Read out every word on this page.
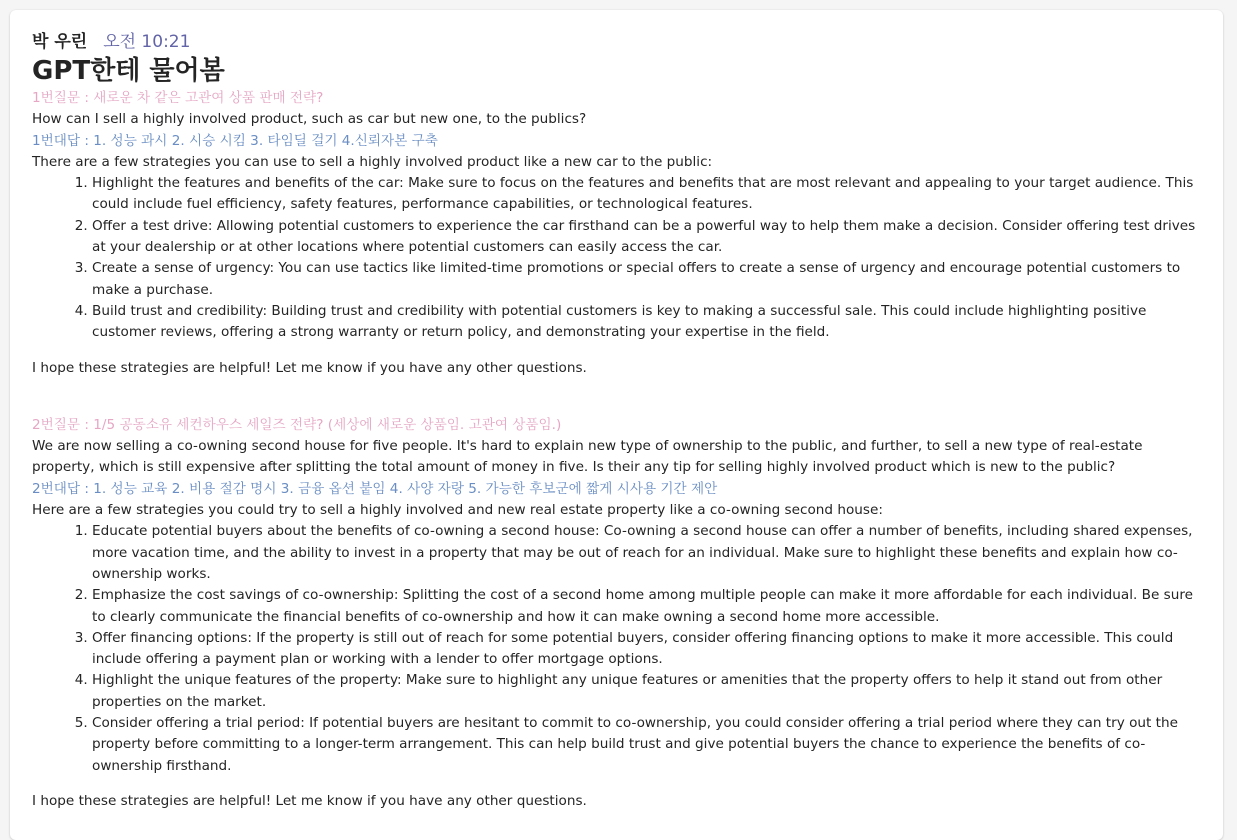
박 우린 오전 10:21
GPT한테 물어봄

1번질문 : 새로운 차 같은 고관여 상품 판매 전략?

How can I sell a highly involved product, such as car but new one, to the publics?

1번대답 : 1. 성능 과시 2. 시승 시킴 3. 타임딜 걸기 4.신뢰자본 구축

There are a few strategies you can use to sell a highly involved product like a new car to the public:

1. Highlight the features and benefits of the car: Make sure to focus on the features and benefits that are most relevant and appealing to your target audience. This could include fuel efficiency, safety features, performance capabilities, or technological features.
2. Offer a test drive: Allowing potential customers to experience the car firsthand can be a powerful way to help them make a decision. Consider offering test drives at your dealership or at other locations where potential customers can easily access the car.
3. Create a sense of urgency: You can use tactics like limited-time promotions or special offers to create a sense of urgency and encourage potential customers to make a purchase.
4. Build trust and credibility: Building trust and credibility with potential customers is key to making a successful sale. This could include highlighting positive customer reviews, offering a strong warranty or return policy, and demonstrating your expertise in the field.

I hope these strategies are helpful! Let me know if you have any other questions.

2번질문 : 1/5 공동소유 세컨하우스 세일즈 전략? (세상에 새로운 상품임. 고관여 상품임.)

We are now selling a co-owning second house for five people. It's hard to explain new type of ownership to the public, and further, to sell a new type of real-estate property, which is still expensive after splitting the total amount of money in five. Is their any tip for selling highly involved product which is new to the public?

2번대답 : 1. 성능 교육 2. 비용 절감 명시 3. 금융 옵션 붙임 4. 사양 자랑 5. 가능한 후보군에 짧게 시사용 기간 제안

Here are a few strategies you could try to sell a highly involved and new real estate property like a co-owning second house:

1. Educate potential buyers about the benefits of co-owning a second house: Co-owning a second house can offer a number of benefits, including shared expenses, more vacation time, and the ability to invest in a property that may be out of reach for an individual. Make sure to highlight these benefits and explain how co-ownership works.
2. Emphasize the cost savings of co-ownership: Splitting the cost of a second home among multiple people can make it more affordable for each individual. Be sure to clearly communicate the financial benefits of co-ownership and how it can make owning a second home more accessible.
3. Offer financing options: If the property is still out of reach for some potential buyers, consider offering financing options to make it more accessible. This could include offering a payment plan or working with a lender to offer mortgage options.
4. Highlight the unique features of the property: Make sure to highlight any unique features or amenities that the property offers to help it stand out from other properties on the market.
5. Consider offering a trial period: If potential buyers are hesitant to commit to co-ownership, you could consider offering a trial period where they can try out the property before committing to a longer-term arrangement. This can help build trust and give potential buyers the chance to experience the benefits of co-ownership firsthand.

I hope these strategies are helpful! Let me know if you have any other questions.
